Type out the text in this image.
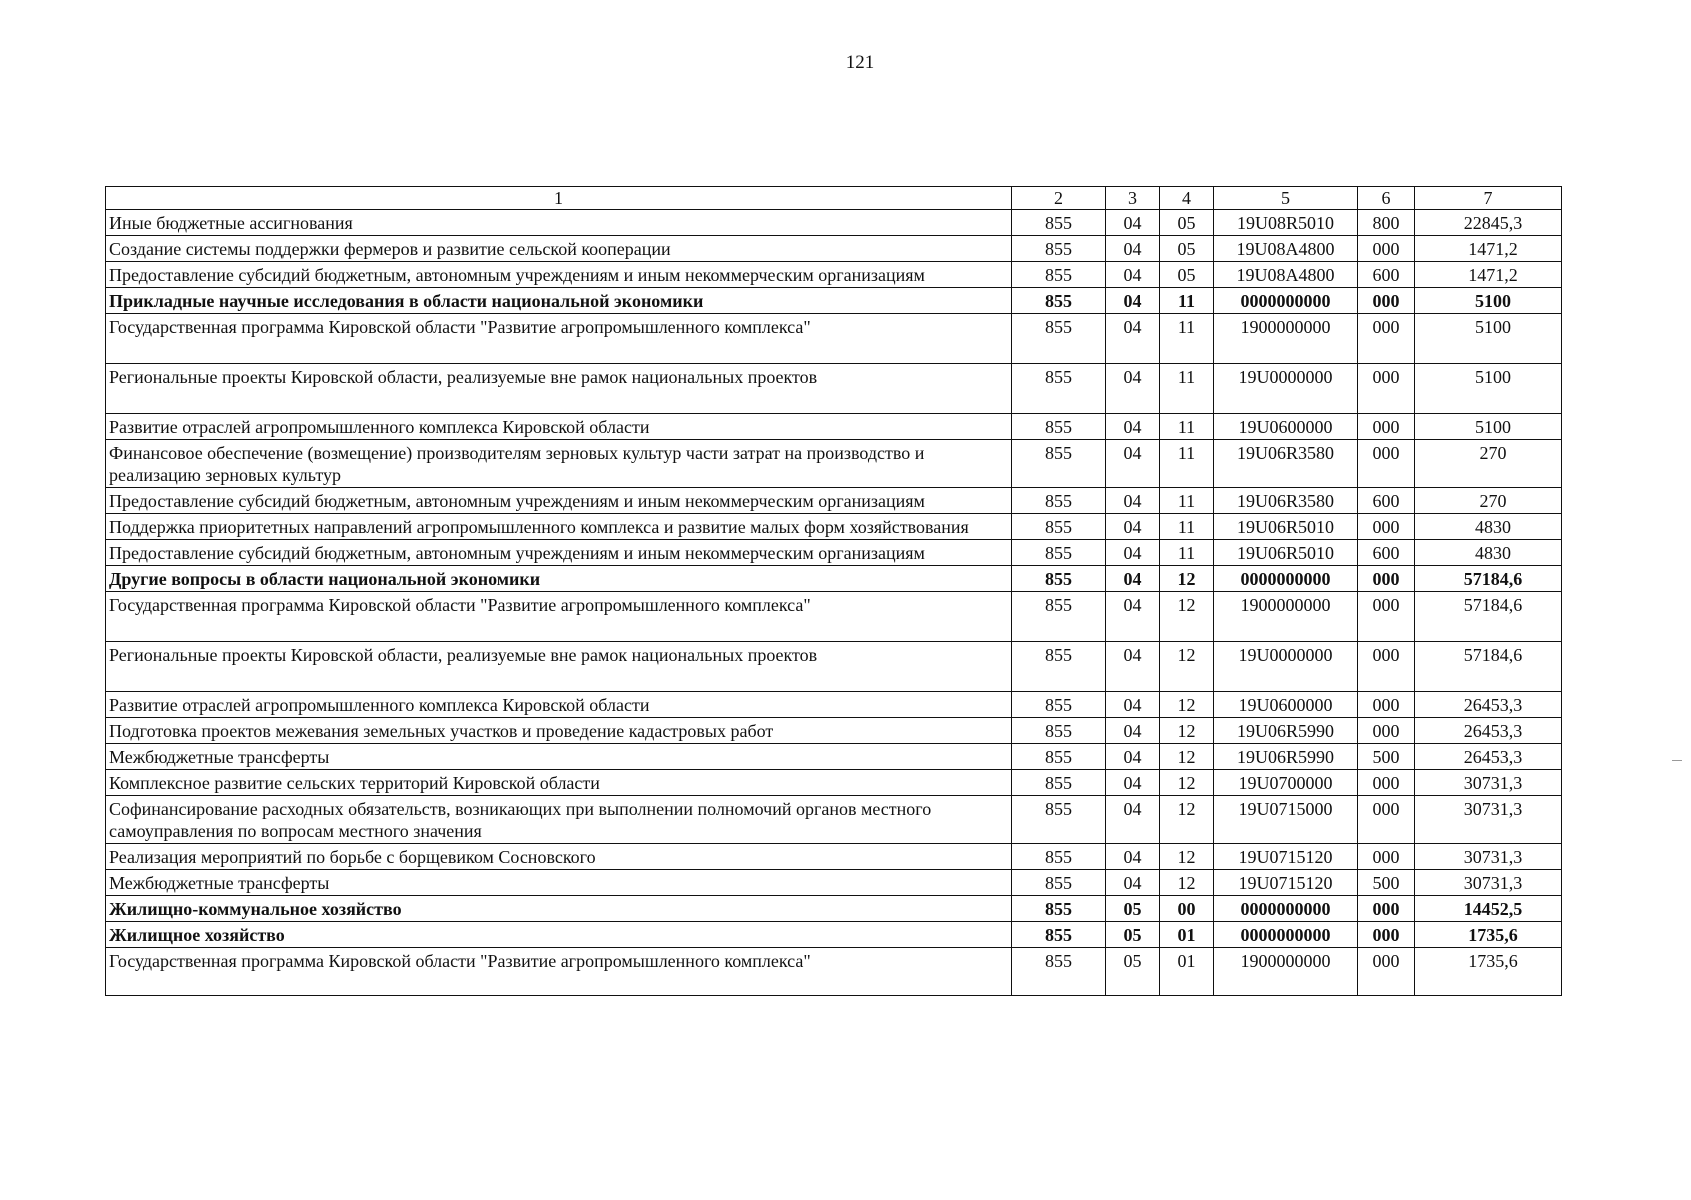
121
1	2	3	4	5	6	7
Иные бюджетные ассигнования	855	04	05	19U08R5010	800	22845,3
Создание системы поддержки фермеров и развитие сельской кооперации	855	04	05	19U08A4800	000	1471,2
Предоставление субсидий бюджетным, автономным учреждениям и иным некоммерческим организациям	855	04	05	19U08A4800	600	1471,2
Прикладные научные исследования в области национальной экономики	855	04	11	0000000000	000	5100
Государственная программа Кировской области "Развитие агропромышленного комплекса"	855	04	11	1900000000	000	5100
Региональные проекты Кировской области, реализуемые вне рамок национальных проектов	855	04	11	19U0000000	000	5100
Развитие отраслей агропромышленного комплекса Кировской области	855	04	11	19U0600000	000	5100
Финансовое обеспечение (возмещение) производителям зерновых культур части затрат на производство и реализацию зерновых культур	855	04	11	19U06R3580	000	270
Предоставление субсидий бюджетным, автономным учреждениям и иным некоммерческим организациям	855	04	11	19U06R3580	600	270
Поддержка приоритетных направлений агропромышленного комплекса и развитие малых форм хозяйствования	855	04	11	19U06R5010	000	4830
Предоставление субсидий бюджетным, автономным учреждениям и иным некоммерческим организациям	855	04	11	19U06R5010	600	4830
Другие вопросы в области национальной экономики	855	04	12	0000000000	000	57184,6
Государственная программа Кировской области "Развитие агропромышленного комплекса"	855	04	12	1900000000	000	57184,6
Региональные проекты Кировской области, реализуемые вне рамок национальных проектов	855	04	12	19U0000000	000	57184,6
Развитие отраслей агропромышленного комплекса Кировской области	855	04	12	19U0600000	000	26453,3
Подготовка проектов межевания земельных участков и проведение кадастровых работ	855	04	12	19U06R5990	000	26453,3
Межбюджетные трансферты	855	04	12	19U06R5990	500	26453,3
Комплексное развитие сельских территорий Кировской области	855	04	12	19U0700000	000	30731,3
Софинансирование расходных обязательств, возникающих при выполнении полномочий органов местного самоуправления по вопросам местного значения	855	04	12	19U0715000	000	30731,3
Реализация мероприятий по борьбе с борщевиком Сосновского	855	04	12	19U0715120	000	30731,3
Межбюджетные трансферты	855	04	12	19U0715120	500	30731,3
Жилищно-коммунальное хозяйство	855	05	00	0000000000	000	14452,5
Жилищное хозяйство	855	05	01	0000000000	000	1735,6
Государственная программа Кировской области "Развитие агропромышленного комплекса"	855	05	01	1900000000	000	1735,6
